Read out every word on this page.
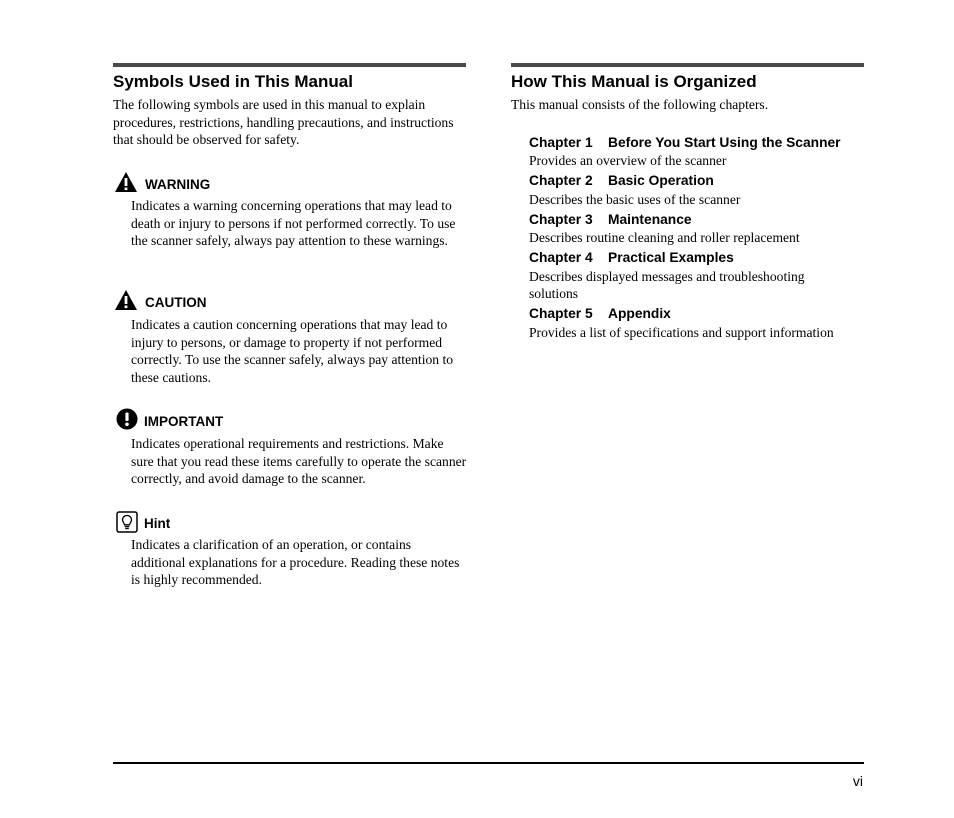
Symbols Used in This Manual

The following symbols are used in this manual to explain procedures, restrictions, handling precautions, and instructions that should be observed for safety.

WARNING

Indicates a warning concerning operations that may lead to death or injury to persons if not performed correctly. To use the scanner safely, always pay attention to these warnings.

CAUTION

Indicates a caution concerning operations that may lead to injury to persons, or damage to property if not performed correctly. To use the scanner safely, always pay attention to these cautions.

IMPORTANT

Indicates operational requirements and restrictions. Make sure that you read these items carefully to operate the scanner correctly, and avoid damage to the scanner.

Hint

Indicates a clarification of an operation, or contains additional explanations for a procedure. Reading these notes is highly recommended.

How This Manual is Organized

This manual consists of the following chapters.

Chapter 1 Before You Start Using the Scanner

Provides an overview of the scanner

Chapter 2 Basic Operation

Describes the basic uses of the scanner

Chapter 3 Maintenance

Describes routine cleaning and roller replacement

Chapter 4 Practical Examples

Describes displayed messages and troubleshooting solutions

Chapter 5 Appendix

Provides a list of specifications and support information

vi
